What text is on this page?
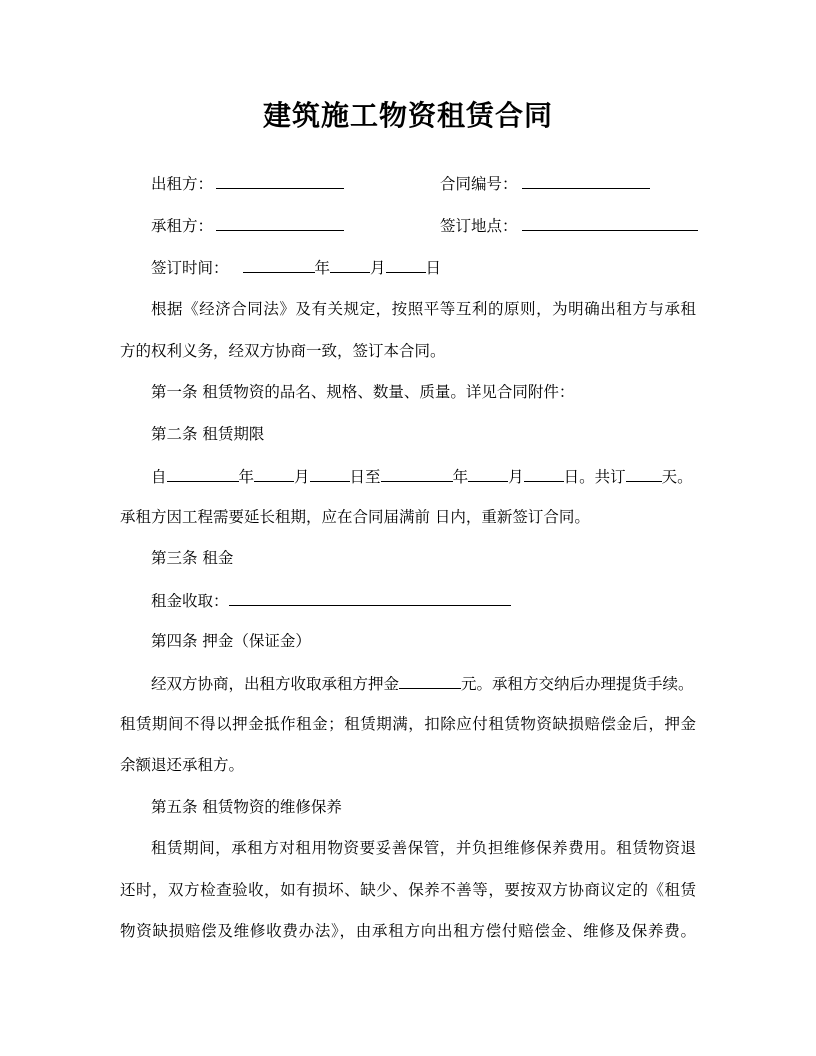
建筑施工物资租赁合同
出租方：	合同编号：
承租方：	签订地点：
签订时间：	年	月	日
根据《经济合同法》及有关规定，按照平等互利的原则，为明确出租方与承租
方的权利义务，经双方协商一致，签订本合同。
第一条 租赁物资的品名、规格、数量、质量。详见合同附件：
第二条 租赁期限
自	年	月	日至	年	月	日。共订 天。
承租方因工程需要延长租期，应在合同届满前 日内，重新签订合同。
第三条 租金
租金收取：
第四条 押金（保证金）
经双方协商，出租方收取承租方押金	元。承租方交纳后办理提货手续。
租赁期间不得以押金抵作租金；租赁期满，扣除应付租赁物资缺损赔偿金后，押金
余额退还承租方。
第五条 租赁物资的维修保养
租赁期间，承租方对租用物资要妥善保管，并负担维修保养费用。租赁物资退
还时，双方检查验收，如有损坏、缺少、保养不善等，要按双方协商议定的《租赁
物资缺损赔偿及维修收费办法》，由承租方向出租方偿付赔偿金、维修及保养费。
